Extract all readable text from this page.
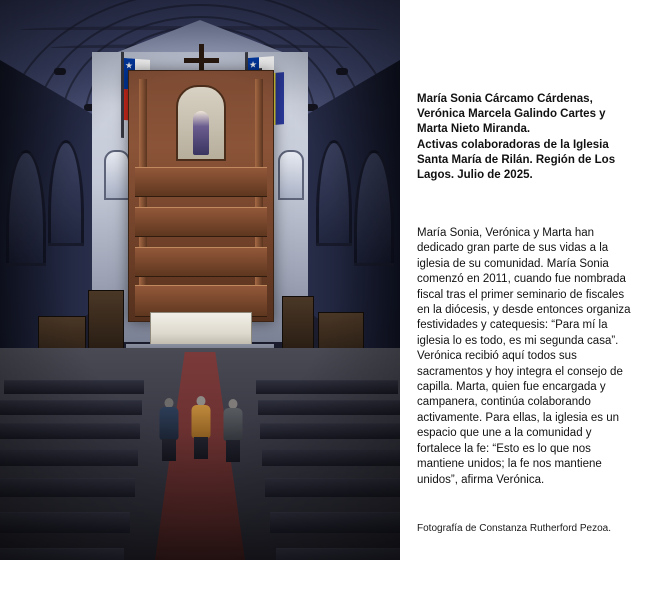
★
★
María Sonia Cárcamo Cárdenas,
Verónica Marcela Galindo Cartes y
Marta Nieto Miranda.
Activas colaboradoras de la Iglesia
Santa María de Rilán. Región de Los
Lagos. Julio de 2025.
María Sonia, Verónica y Marta han dedicado gran parte de sus vidas a la iglesia de su comunidad. María Sonia comenzó en 2011, cuando fue nombrada fiscal tras el primer seminario de fiscales en la diócesis, y desde entonces organiza festividades y catequesis: “Para mí la iglesia lo es todo, es mi segunda casa”. Verónica recibió aquí todos sus sacramentos y hoy integra el consejo de capilla. Marta, quien fue encargada y campanera, continúa colaborando activamente. Para ellas, la iglesia es un espacio que une a la comunidad y fortalece la fe: “Esto es lo que nos mantiene unidos; la fe nos mantiene unidos”, afirma Verónica.
Fotografía de Constanza Rutherford Pezoa.
